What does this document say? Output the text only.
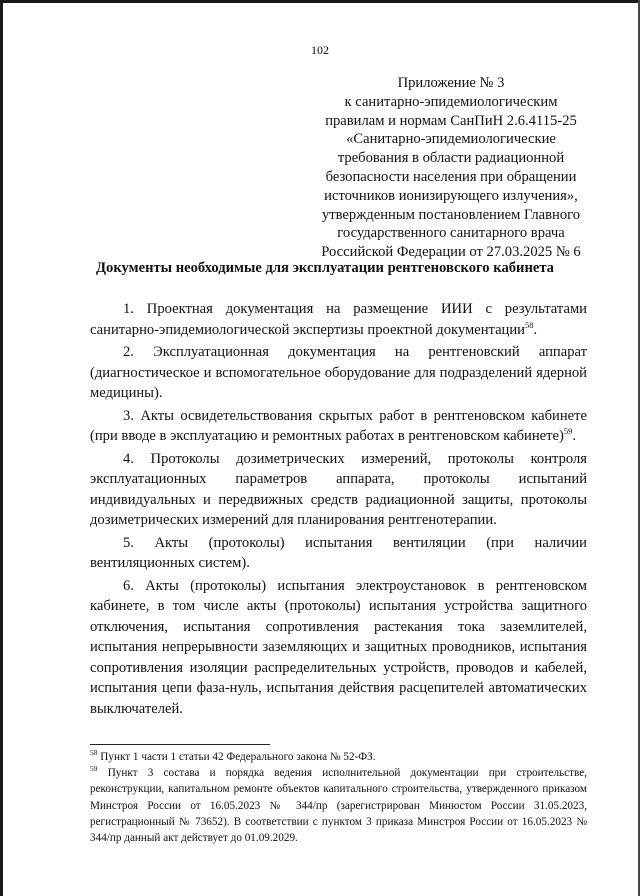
102
Приложение № 3
к санитарно-эпидемиологическим
правилам и нормам СанПиН 2.6.4115-25
«Санитарно-эпидемиологические
требования в области радиационной
безопасности населения при обращении
источников ионизирующего излучения»,
утвержденным постановлением Главного
государственного санитарного врача
Российской Федерации от 27.03.2025 № 6
Документы необходимые для эксплуатации рентгеновского кабинета

1. Проектная документация на размещение ИИИ с результатами санитарно-эпидемиологической экспертизы проектной документации$^{58}$.

2. Эксплуатационная документация на рентгеновский аппарат (диагностическое и вспомогательное оборудование для подразделений ядерной медицины).

3. Акты освидетельствования скрытых работ в рентгеновском кабинете (при вводе в эксплуатацию и ремонтных работах в рентгеновском кабинете)$^{59}$.

4. Протоколы дозиметрических измерений, протоколы контроля эксплуатационных параметров аппарата, протоколы испытаний индивидуальных и передвижных средств радиационной защиты, протоколы дозиметрических измерений для планирования рентгенотерапии.

5. Акты (протоколы) испытания вентиляции (при наличии вентиляционных систем).

6. Акты (протоколы) испытания электроустановок в рентгеновском кабинете, в том числе акты (протоколы) испытания устройства защитного отключения, испытания сопротивления растекания тока заземлителей, испытания непрерывности заземляющих и защитных проводников, испытания сопротивления изоляции распределительных устройств, проводов и кабелей, испытания цепи фаза-нуль, испытания действия расцепителей автоматических выключателей.

$^{58}$ Пункт 1 части 1 статьи 42 Федерального закона № 52-ФЗ.

$^{59}$ Пункт 3 состава и порядка ведения исполнительной документации при строительстве, реконструкции, капитальном ремонте объектов капитального строительства, утвержденного приказом Минстроя России от 16.05.2023 № 344/пр (зарегистрирован Минюстом России 31.05.2023, регистрационный № 73652). В соответствии с пунктом 3 приказа Минстроя России от 16.05.2023 № 344/пр данный акт действует до 01.09.2029.
